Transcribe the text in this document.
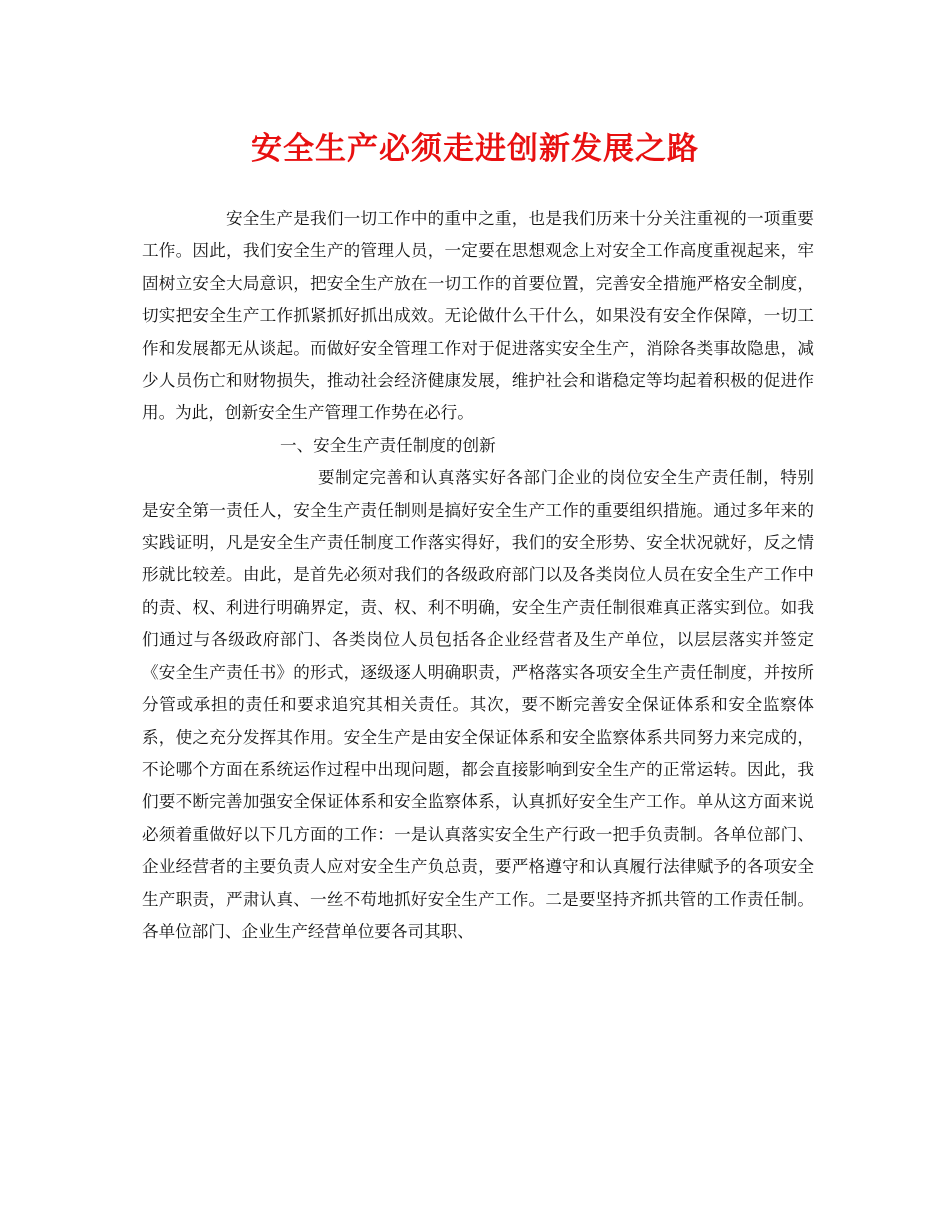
安全生产必须走进创新发展之路

安全生产是我们一切工作中的重中之重，也是我们历来十分关注重视的一项重要工作。因此，我们安全生产的管理人员，一定要在思想观念上对安全工作高度重视起来，牢固树立安全大局意识，把安全生产放在一切工作的首要位置，完善安全措施严格安全制度，切实把安全生产工作抓紧抓好抓出成效。无论做什么干什么，如果没有安全作保障，一切工作和发展都无从谈起。而做好安全管理工作对于促进落实安全生产，消除各类事故隐患，减少人员伤亡和财物损失，推动社会经济健康发展，维护社会和谐稳定等均起着积极的促进作用。为此，创新安全生产管理工作势在必行。

一、安全生产责任制度的创新

要制定完善和认真落实好各部门企业的岗位安全生产责任制，特别是安全第一责任人，安全生产责任制则是搞好安全生产工作的重要组织措施。通过多年来的实践证明，凡是安全生产责任制度工作落实得好，我们的安全形势、安全状况就好，反之情形就比较差。由此，是首先必须对我们的各级政府部门以及各类岗位人员在安全生产工作中的责、权、利进行明确界定，责、权、利不明确，安全生产责任制很难真正落实到位。如我们通过与各级政府部门、各类岗位人员包括各企业经营者及生产单位，以层层落实并签定《安全生产责任书》的形式，逐级逐人明确职责，严格落实各项安全生产责任制度，并按所分管或承担的责任和要求追究其相关责任。其次，要不断完善安全保证体系和安全监察体系，使之充分发挥其作用。安全生产是由安全保证体系和安全监察体系共同努力来完成的，不论哪个方面在系统运作过程中出现问题，都会直接影响到安全生产的正常运转。因此，我们要不断完善加强安全保证体系和安全监察体系，认真抓好安全生产工作。单从这方面来说必须着重做好以下几方面的工作：一是认真落实安全生产行政一把手负责制。各单位部门、企业经营者的主要负责人应对安全生产负总责，要严格遵守和认真履行法律赋予的各项安全生产职责，严肃认真、一丝不苟地抓好安全生产工作。二是要坚持齐抓共管的工作责任制。各单位部门、企业生产经营单位要各司其职、
